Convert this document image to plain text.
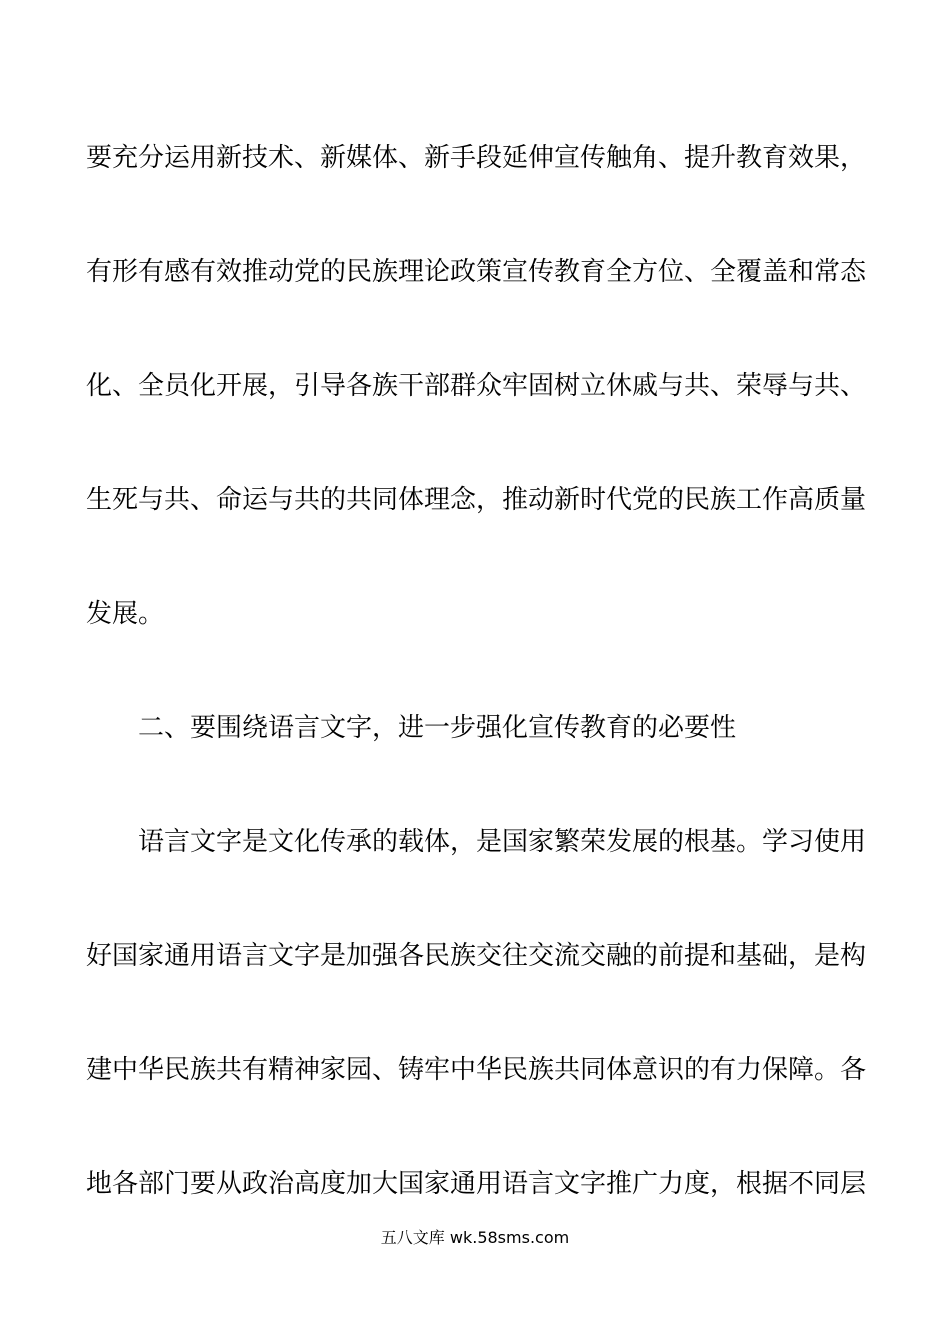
要充分运用新技术、新媒体、新手段延伸宣传触角、提升教育效果，
有形有感有效推动党的民族理论政策宣传教育全方位、全覆盖和常态
化、全员化开展，引导各族干部群众牢固树立休戚与共、荣辱与共、
生死与共、命运与共的共同体理念，推动新时代党的民族工作高质量
发展。
二、要围绕语言文字，进一步强化宣传教育的必要性
语言文字是文化传承的载体，是国家繁荣发展的根基。学习使用
好国家通用语言文字是加强各民族交往交流交融的前提和基础，是构
建中华民族共有精神家园、铸牢中华民族共同体意识的有力保障。各
地各部门要从政治高度加大国家通用语言文字推广力度，根据不同层
五八文库 wk.58sms.com
